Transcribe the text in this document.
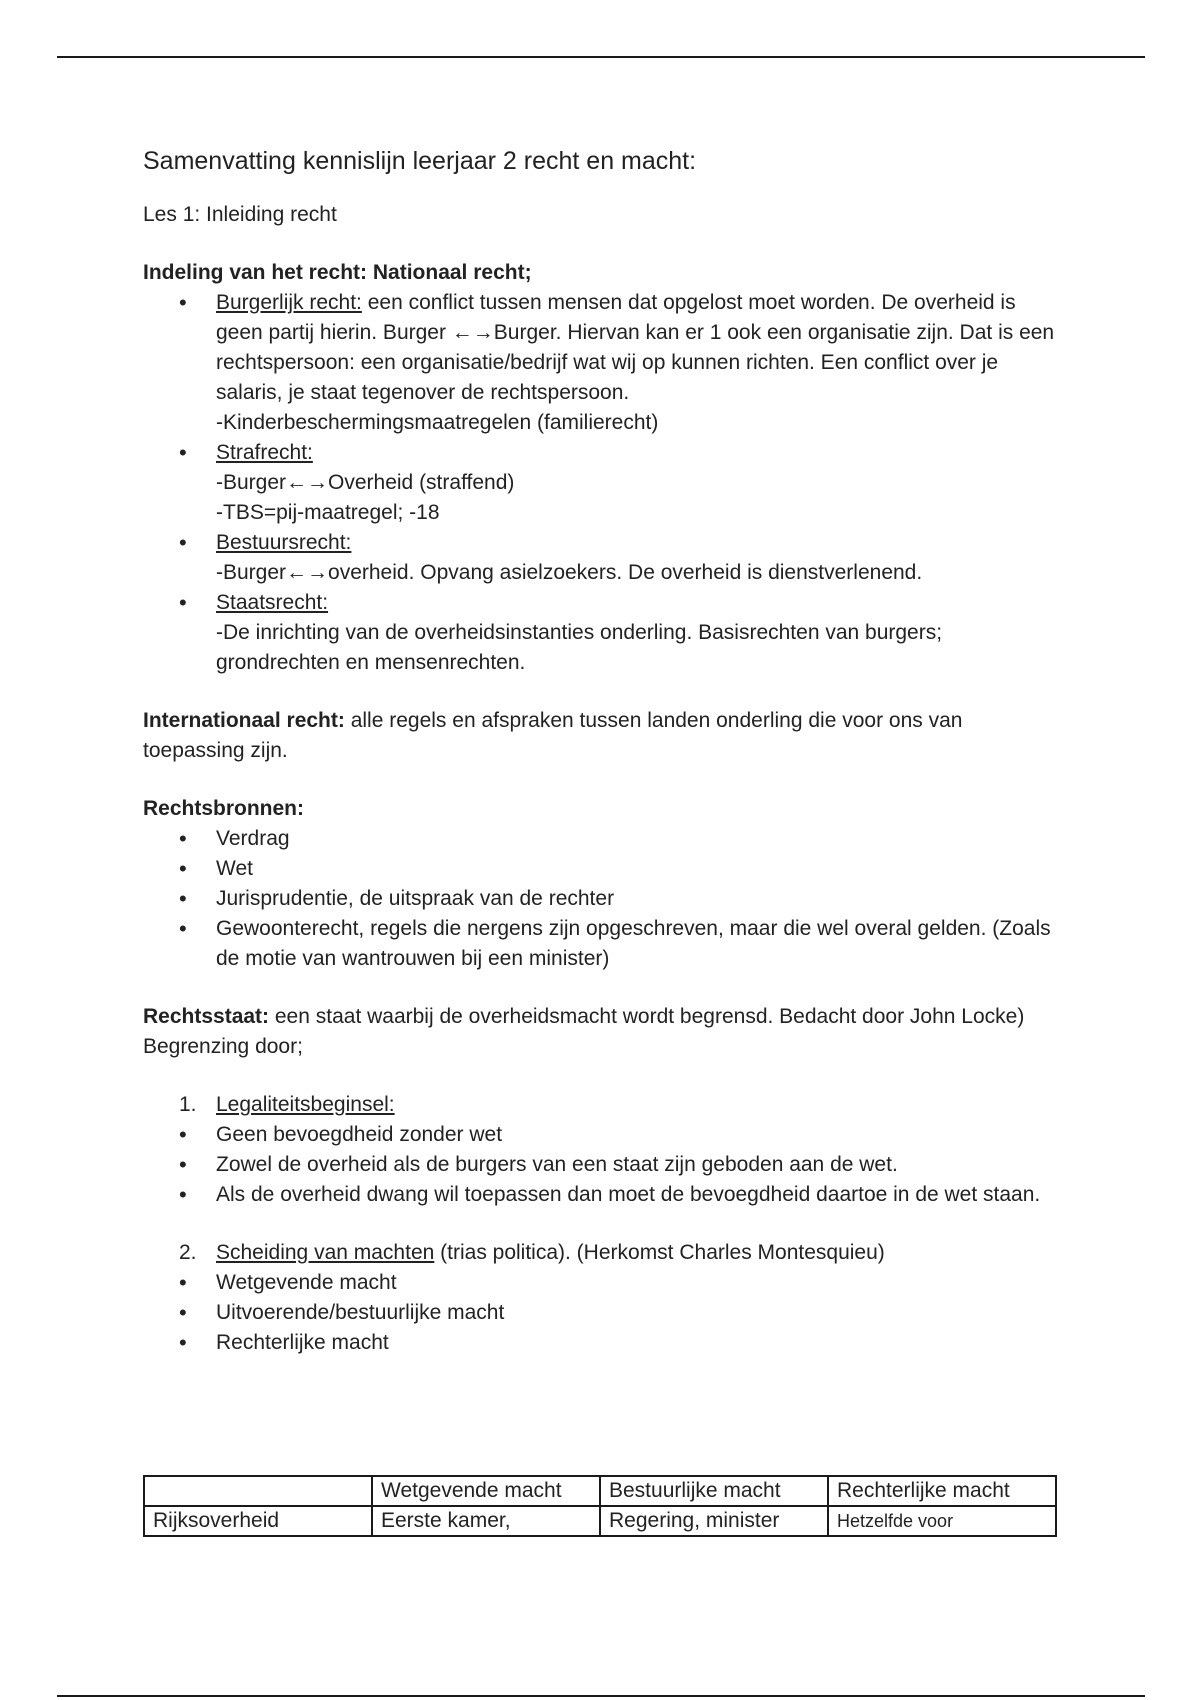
Samenvatting kennislijn leerjaar 2 recht en macht:

Les 1: Inleiding recht

Indeling van het recht: Nationaal recht;

• Burgerlijk recht: een conflict tussen mensen dat opgelost moet worden. De overheid is geen partij hierin. Burger ←→Burger. Hiervan kan er 1 ook een organisatie zijn. Dat is een rechtspersoon: een organisatie/bedrijf wat wij op kunnen richten. Een conflict over je salaris, je staat tegenover de rechtspersoon.
-Kinderbeschermingsmaatregelen (familierecht)
• Strafrecht:
-Burger←→Overheid (straffend)
-TBS=pij-maatregel; -18
• Bestuursrecht:
-Burger←→overheid. Opvang asielzoekers. De overheid is dienstverlenend.
• Staatsrecht:
-De inrichting van de overheidsinstanties onderling. Basisrechten van burgers; grondrechten en mensenrechten.

Internationaal recht: alle regels en afspraken tussen landen onderling die voor ons van toepassing zijn.

Rechtsbronnen:

• Verdrag
• Wet
• Jurisprudentie, de uitspraak van de rechter
• Gewoonterecht, regels die nergens zijn opgeschreven, maar die wel overal gelden. (Zoals de motie van wantrouwen bij een minister)

Rechtsstaat: een staat waarbij de overheidsmacht wordt begrensd. Bedacht door John Locke) Begrenzing door;

1. Legaliteitsbeginsel:
• Geen bevoegdheid zonder wet
• Zowel de overheid als de burgers van een staat zijn geboden aan de wet.
• Als de overheid dwang wil toepassen dan moet de bevoegdheid daartoe in de wet staan.
2. Scheiding van machten (trias politica). (Herkomst Charles Montesquieu)
• Wetgevende macht
• Uitvoerende/bestuurlijke macht
• Rechterlijke macht
	Wetgevende macht	Bestuurlijke macht	Rechterlijke macht
Rijksoverheid	Eerste kamer,	Regering, minister	Hetzelfde voor
